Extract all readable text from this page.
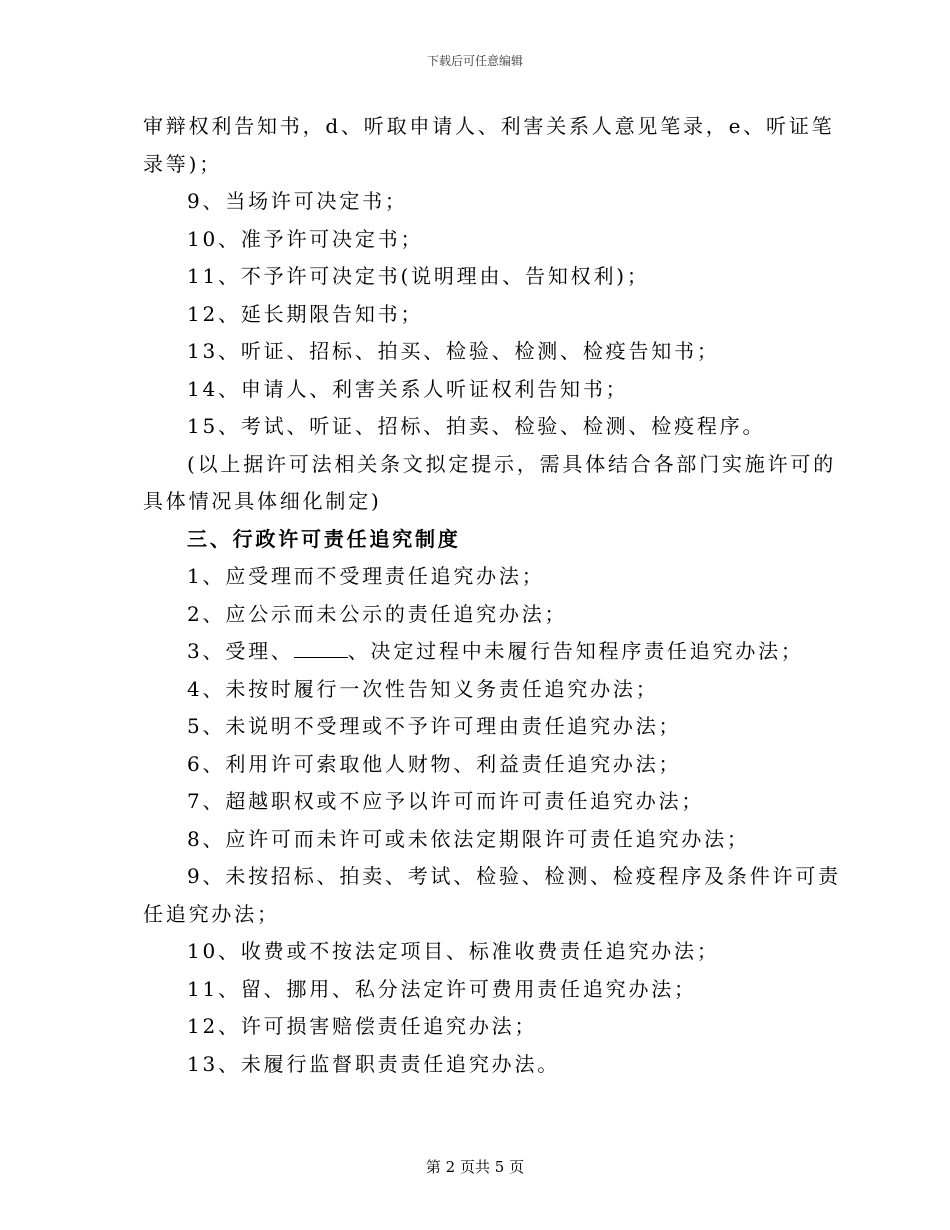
下载后可任意编辑
审辩权利告知书，d、听取申请人、利害关系人意见笔录，e、听证笔
录等)；
9、当场许可决定书；
10、准予许可决定书；
11、不予许可决定书(说明理由、告知权利)；
12、延长期限告知书；
13、听证、招标、拍买、检验、检测、检疫告知书；
14、申请人、利害关系人听证权利告知书；
15、考试、听证、招标、拍卖、检验、检测、检疫程序。
(以上据许可法相关条文拟定提示，需具体结合各部门实施许可的
具体情况具体细化制定)
三、行政许可责任追究制度
1、应受理而不受理责任追究办法；
2、应公示而未公示的责任追究办法；
3、受理、	、决定过程中未履行告知程序责任追究办法；
4、未按时履行一次性告知义务责任追究办法；
5、未说明不受理或不予许可理由责任追究办法；
6、利用许可索取他人财物、利益责任追究办法；
7、超越职权或不应予以许可而许可责任追究办法；
8、应许可而未许可或未依法定期限许可责任追究办法；
9、未按招标、拍卖、考试、检验、检测、检疫程序及条件许可责
任追究办法；
10、收费或不按法定项目、标准收费责任追究办法；
11、留、挪用、私分法定许可费用责任追究办法；
12、许可损害赔偿责任追究办法；
13、未履行监督职责责任追究办法。
第 2 页共 5 页
